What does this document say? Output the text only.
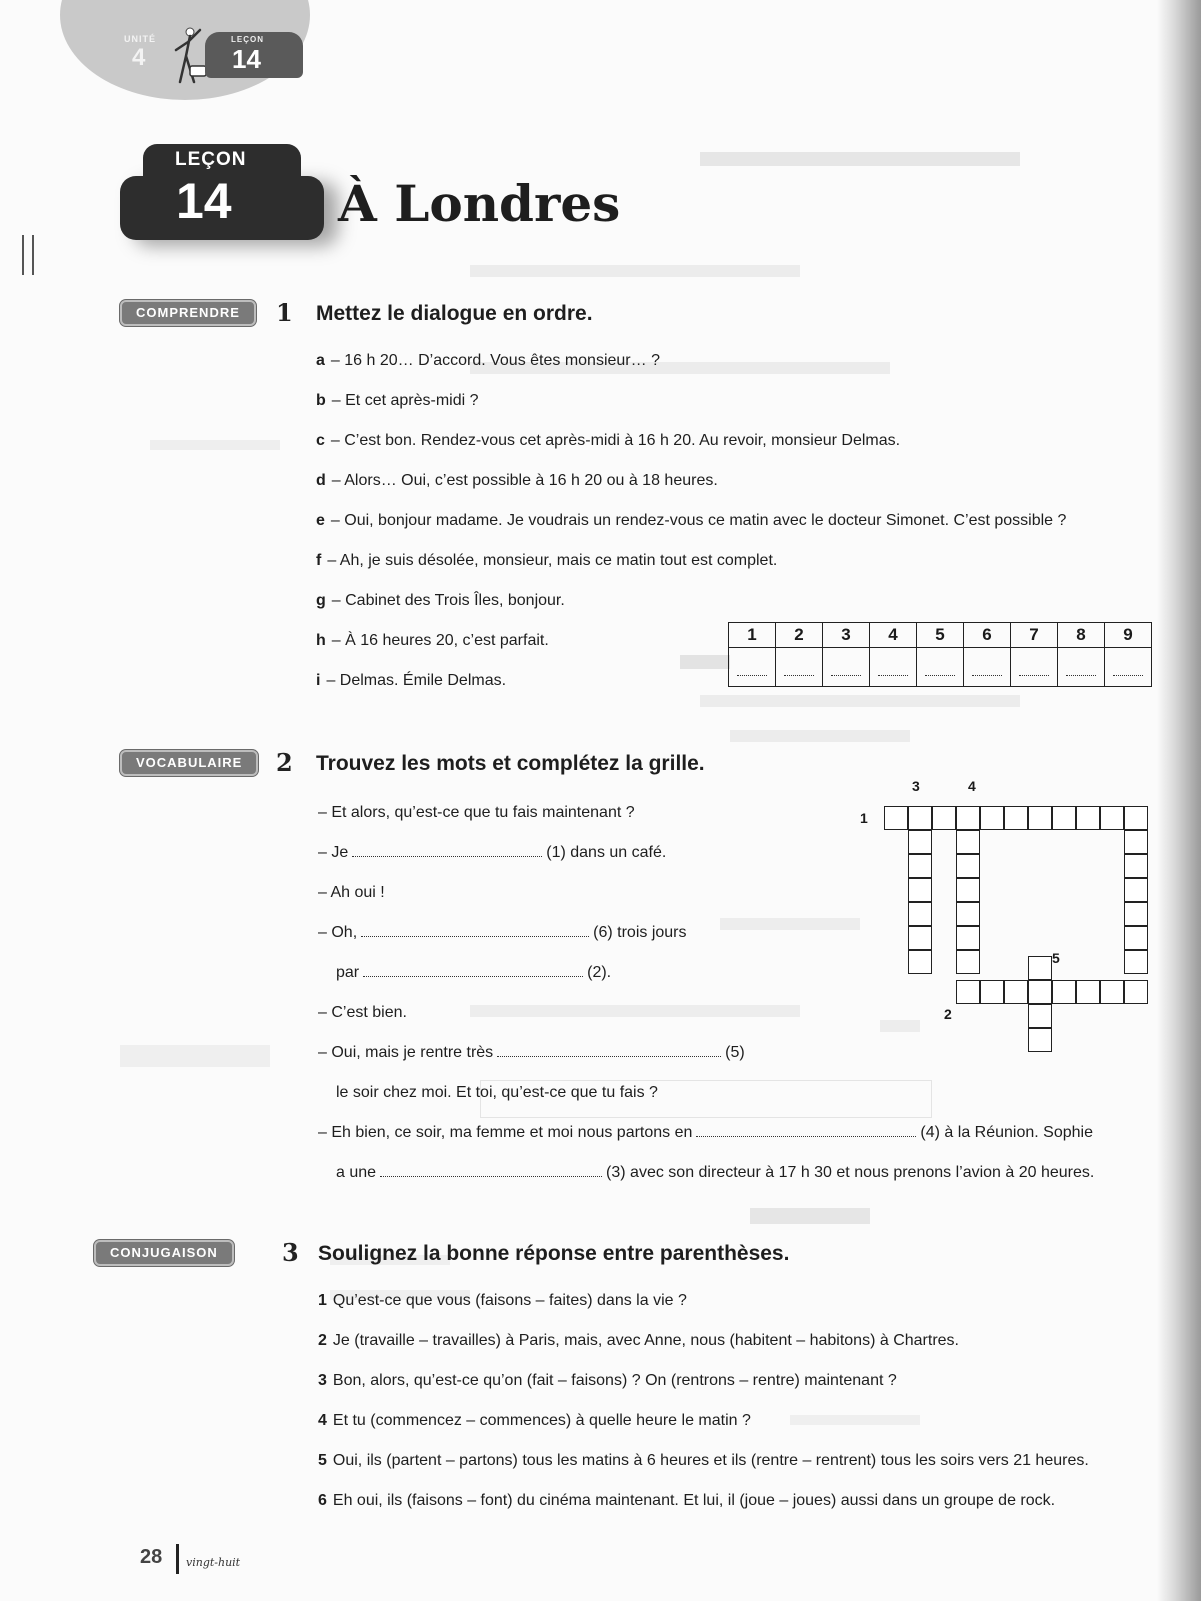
UNITÉ
4
LEÇON
14
LEÇON
14 À Londres
COMPRENDRE	1 Mettez le dialogue en ordre.
a – 16 h 20… D’accord. Vous êtes monsieur… ?
b – Et cet après-midi ?
c – C’est bon. Rendez-vous cet après-midi à 16 h 20. Au revoir, monsieur Delmas.
d – Alors… Oui, c’est possible à 16 h 20 ou à 18 heures.
e – Oui, bonjour madame. Je voudrais un rendez-vous ce matin avec le docteur Simonet. C’est possible ?
f – Ah, je suis désolée, monsieur, mais ce matin tout est complet.
g – Cabinet des Trois Îles, bonjour.
h – À 16 heures 20, c’est parfait.
i – Delmas. Émile Delmas.
1	2	3	4	5	6	7	8	9

VOCABULAIRE	2 Trouvez les mots et complétez la grille.
– Et alors, qu’est-ce que tu fais maintenant ?
– Je	(1) dans un café.
– Ah oui !
– Oh,	(6) trois jours
par	(2).
– C’est bien.
– Oui, mais je rentre très	(5)
le soir chez moi. Et toi, qu’est-ce que tu fais ?
– Eh bien, ce soir, ma femme et moi nous partons en	(4) à la Réunion. Sophie
a une	(3) avec son directeur à 17 h 30 et nous prenons l’avion à 20 heures.
3	4
1
5
2
CONJUGAISON	3 Soulignez la bonne réponse entre parenthèses.
1 Qu’est-ce que vous (faisons – faites) dans la vie ?
2 Je (travaille – travailles) à Paris, mais, avec Anne, nous (habitent – habitons) à Chartres.
3 Bon, alors, qu’est-ce qu’on (fait – faisons) ? On (rentrons – rentre) maintenant ?
4 Et tu (commencez – commences) à quelle heure le matin ?
5 Oui, ils (partent – partons) tous les matins à 6 heures et ils (rentre – rentrent) tous les soirs vers 21 heures.
6 Eh oui, ils (faisons – font) du cinéma maintenant. Et lui, il (joue – joues) aussi dans un groupe de rock.
28 vingt-huit
